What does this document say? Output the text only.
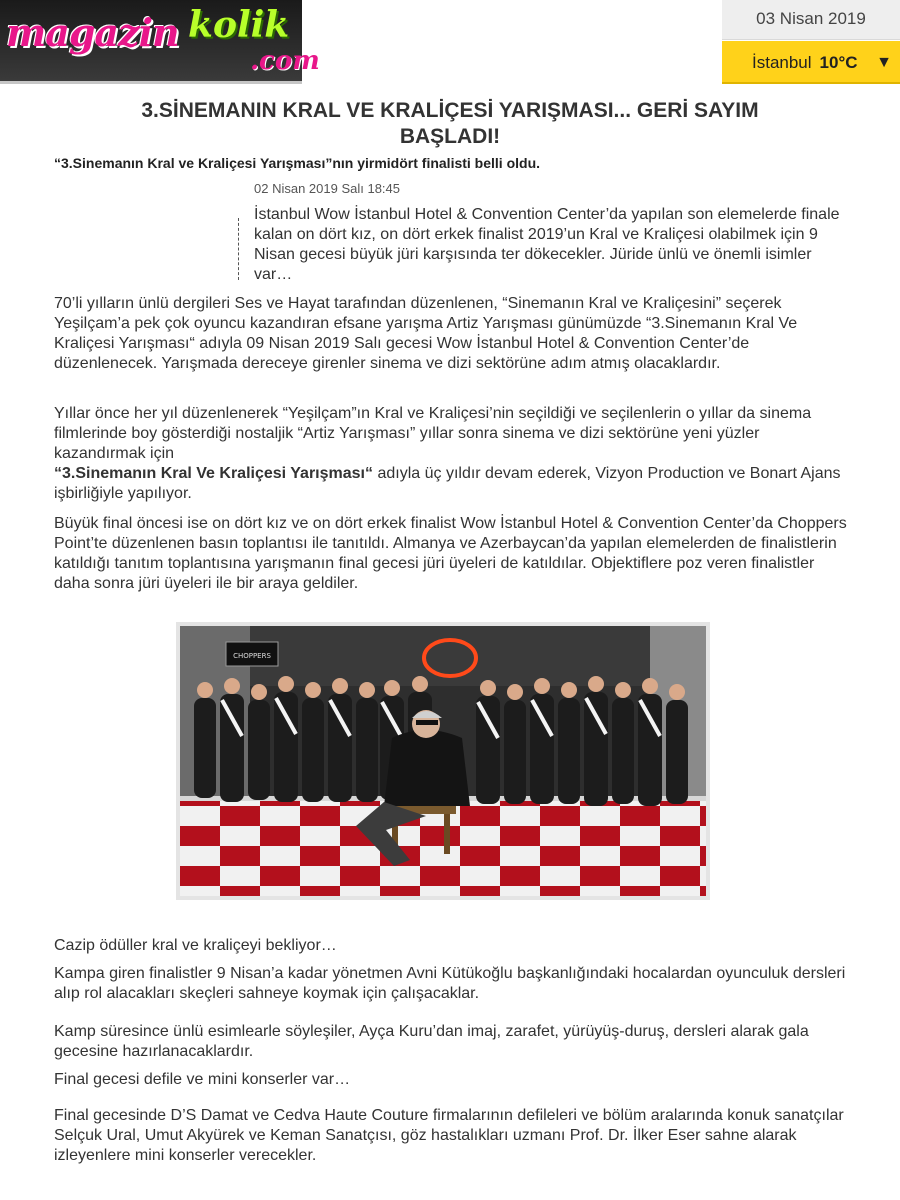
magazin kolik
.com
03 Nisan 2019
İstanbul 10°C ▼
3.SİNEMANIN KRAL VE KRALİÇESİ YARIŞMASI... GERİ SAYIM BAŞLADI!
“3.Sinemanın Kral ve Kraliçesi Yarışması”nın yirmidört finalisti belli oldu.
02 Nisan 2019 Salı 18:45

İstanbul Wow İstanbul Hotel & Convention Center’da yapılan son elemelerde finale kalan on dört kız, on dört erkek finalist 2019’un Kral ve Kraliçesi olabilmek için 9 Nisan gecesi büyük jüri karşısında ter dökecekler. Jüride ünlü ve önemli isimler var…

70’li yılların ünlü dergileri Ses ve Hayat tarafından düzenlenen, “Sinemanın Kral ve Kraliçesini” seçerek Yeşilçam’a pek çok oyuncu kazandıran efsane yarışma Artiz Yarışması günümüzde “3.Sinemanın Kral Ve Kraliçesi Yarışması“ adıyla 09 Nisan 2019 Salı gecesi Wow İstanbul Hotel & Convention Center’de düzenlenecek. Yarışmada dereceye girenler sinema ve dizi sektörüne adım atmış olacaklardır.

Yıllar önce her yıl düzenlenerek “Yeşilçam”ın Kral ve Kraliçesi’nin seçildiği ve seçilenlerin o yıllar da sinema filmlerinde boy gösterdiği nostaljik “Artiz Yarışması” yıllar sonra sinema ve dizi sektörüne yeni yüzler kazandırmak için
“3.Sinemanın Kral Ve Kraliçesi Yarışması“ adıyla üç yıldır devam ederek, Vizyon Production ve Bonart Ajans işbirliğiyle yapılıyor.

Büyük final öncesi ise on dört kız ve on dört erkek finalist Wow İstanbul Hotel & Convention Center’da Choppers Point’te düzenlenen basın toplantısı ile tanıtıldı. Almanya ve Azerbaycan’da yapılan elemelerden de finalistlerin katıldığı tanıtım toplantısına yarışmanın final gecesi jüri üyeleri de katıldılar. Objektiflere poz veren finalistler daha sonra jüri üyeleri ile bir araya geldiler.

CHOPPERS

Cazip ödüller kral ve kraliçeyi bekliyor…

Kampa giren finalistler 9 Nisan’a kadar yönetmen Avni Kütükoğlu başkanlığındaki hocalardan oyunculuk dersleri alıp rol alacakları skeçleri sahneye koymak için çalışacaklar.

Kamp süresince ünlü esimlearle söyleşiler, Ayça Kuru’dan imaj, zarafet, yürüyüş-duruş, dersleri alarak gala gecesine hazırlanacaklardır.

Final gecesi defile ve mini konserler var…

Final gecesinde D’S Damat ve Cedva Haute Couture firmalarının defileleri ve bölüm aralarında konuk sanatçılar Selçuk Ural, Umut Akyürek ve Keman Sanatçısı, göz hastalıkları uzmanı Prof. Dr. İlker Eser sahne alarak izleyenlere mini konserler verecekler.
